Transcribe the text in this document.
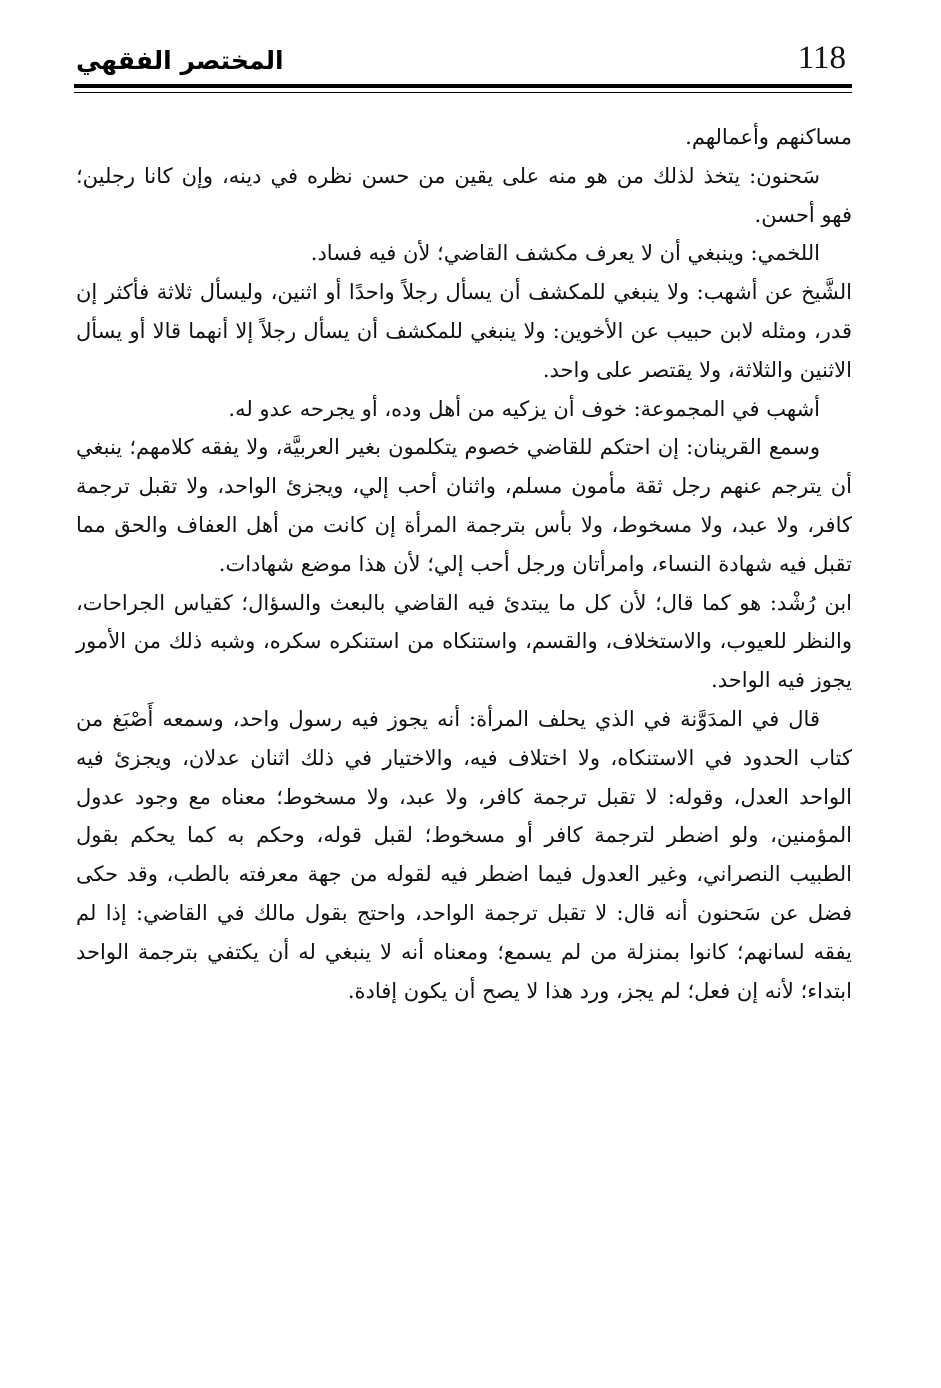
118
المختصر الفقهي

مساكنهم وأعمالهم.

سَحنون: يتخذ لذلك من هو منه على يقين من حسن نظره في دينه، وإن كانا رجلين؛ فهو أحسن.

اللخمي: وينبغي أن لا يعرف مكشف القاضي؛ لأن فيه فساد.

الشَّيخ عن أشهب: ولا ينبغي للمكشف أن يسأل رجلاً واحدًا أو اثنين، وليسأل ثلاثة فأكثر إن قدر، ومثله لابن حبيب عن الأخوين: ولا ينبغي للمكشف أن يسأل رجلاً إلا أنهما قالا أو يسأل الاثنين والثلاثة، ولا يقتصر على واحد.

أشهب في المجموعة: خوف أن يزكيه من أهل وده، أو يجرحه عدو له.

وسمع القرينان: إن احتكم للقاضي خصوم يتكلمون بغير العربيَّة، ولا يفقه كلامهم؛ ينبغي أن يترجم عنهم رجل ثقة مأمون مسلم، واثنان أحب إلي، ويجزئ الواحد، ولا تقبل ترجمة كافر، ولا عبد، ولا مسخوط، ولا بأس بترجمة المرأة إن كانت من أهل العفاف والحق مما تقبل فيه شهادة النساء، وامرأتان ورجل أحب إلي؛ لأن هذا موضع شهادات.

ابن رُشْد: هو كما قال؛ لأن كل ما يبتدئ فيه القاضي بالبعث والسؤال؛ كقياس الجراحات، والنظر للعيوب، والاستخلاف، والقسم، واستنكاه من استنكره سكره، وشبه ذلك من الأمور يجوز فيه الواحد.

قال في المدَوَّنة في الذي يحلف المرأة: أنه يجوز فيه رسول واحد، وسمعه أَصْبَغ من كتاب الحدود في الاستنكاه، ولا اختلاف فيه، والاختيار في ذلك اثنان عدلان، ويجزئ فيه الواحد العدل، وقوله: لا تقبل ترجمة كافر، ولا عبد، ولا مسخوط؛ معناه مع وجود عدول المؤمنين، ولو اضطر لترجمة كافر أو مسخوط؛ لقبل قوله، وحكم به كما يحكم بقول الطبيب النصراني، وغير العدول فيما اضطر فيه لقوله من جهة معرفته بالطب، وقد حكى فضل عن سَحنون أنه قال: لا تقبل ترجمة الواحد، واحتج بقول مالك في القاضي: إذا لم يفقه لسانهم؛ كانوا بمنزلة من لم يسمع؛ ومعناه أنه لا ينبغي له أن يكتفي بترجمة الواحد ابتداء؛ لأنه إن فعل؛ لم يجز، ورد هذا لا يصح أن يكون إفادة.
